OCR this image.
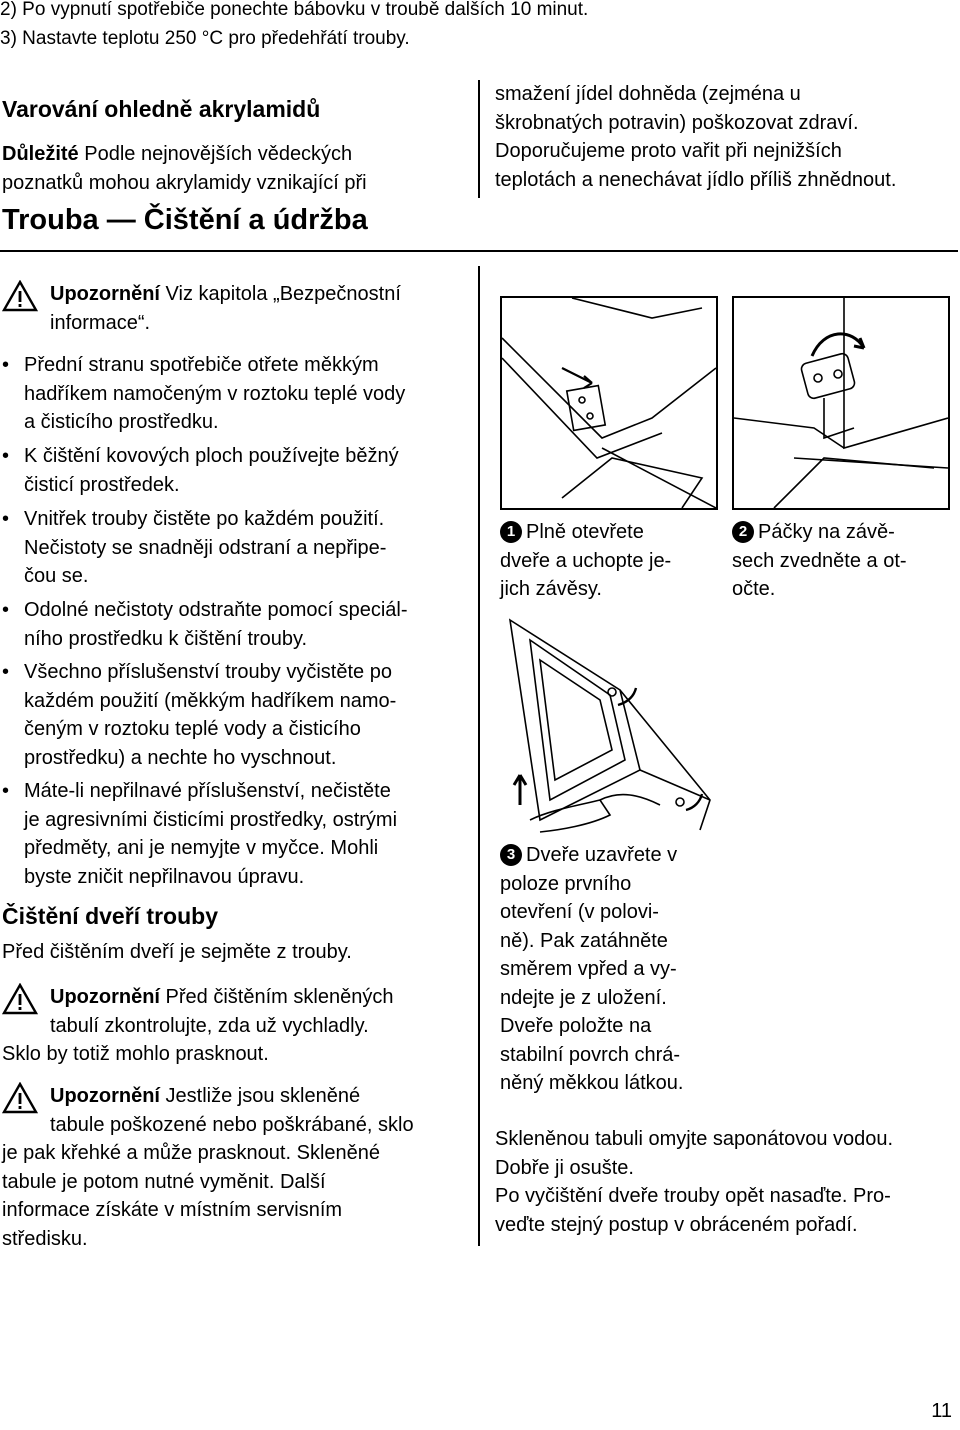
2) Po vypnutí spotřebiče ponechte bábovku v troubě dalších 10 minut.
3) Nastavte teplotu 250 °C pro předehřátí trouby.
Varování ohledně akrylamidů
Důležité Podle nejnovějších vědeckých
poznatků mohou akrylamidy vznikající při
smažení jídel dohněda (zejména u
škrobnatých potravin) poškozovat zdraví.
Doporučujeme proto vařit při nejnižších
teplotách a nenechávat jídlo příliš zhnědnout.
Trouba — Čištění a údržba
Upozornění Viz kapitola „Bezpečnostní
informace“.
• Přední stranu spotřebiče otřete měkkým
hadříkem namočeným v roztoku teplé vody
a čisticího prostředku.
• K čištění kovových ploch používejte běžný
čisticí prostředek.
• Vnitřek trouby čistěte po každém použití.
Nečistoty se snadněji odstraní a nepřipe-
čou se.
• Odolné nečistoty odstraňte pomocí speciál-
ního prostředku k čištění trouby.
• Všechno příslušenství trouby vyčistěte po
každém použití (měkkým hadříkem namo-
čeným v roztoku teplé vody a čisticího
prostředku) a nechte ho vyschnout.
• Máte-li nepřilnavé příslušenství, nečistěte
je agresivními čisticími prostředky, ostrými
předměty, ani je nemyjte v myčce. Mohli
byste zničit nepřilnavou úpravu.
Čištění dveří trouby
Před čištěním dveří je sejměte z trouby.
Upozornění Před čištěním skleněných
tabulí zkontrolujte, zda už vychladly.
Sklo by totiž mohlo prasknout.
Upozornění Jestliže jsou skleněné
tabule poškozené nebo poškrábané, sklo
je pak křehké a může prasknout. Skleněné
tabule je potom nutné vyměnit. Další
informace získáte v místním servisním
středisku.
1 Plně otevřete
dveře a uchopte je-
jich závěsy.
2 Páčky na závě-
sech zvedněte a ot-
očte.
3 Dveře uzavřete v
poloze prvního
otevření (v polovi-
ně). Pak zatáhněte
směrem vpřed a vy-
ndejte je z uložení.
Dveře položte na
stabilní povrch chrá-
něný měkkou látkou.
Skleněnou tabuli omyjte saponátovou vodou.
Dobře ji osušte.
Po vyčištění dveře trouby opět nasaďte. Pro-
veďte stejný postup v obráceném pořadí.
11
